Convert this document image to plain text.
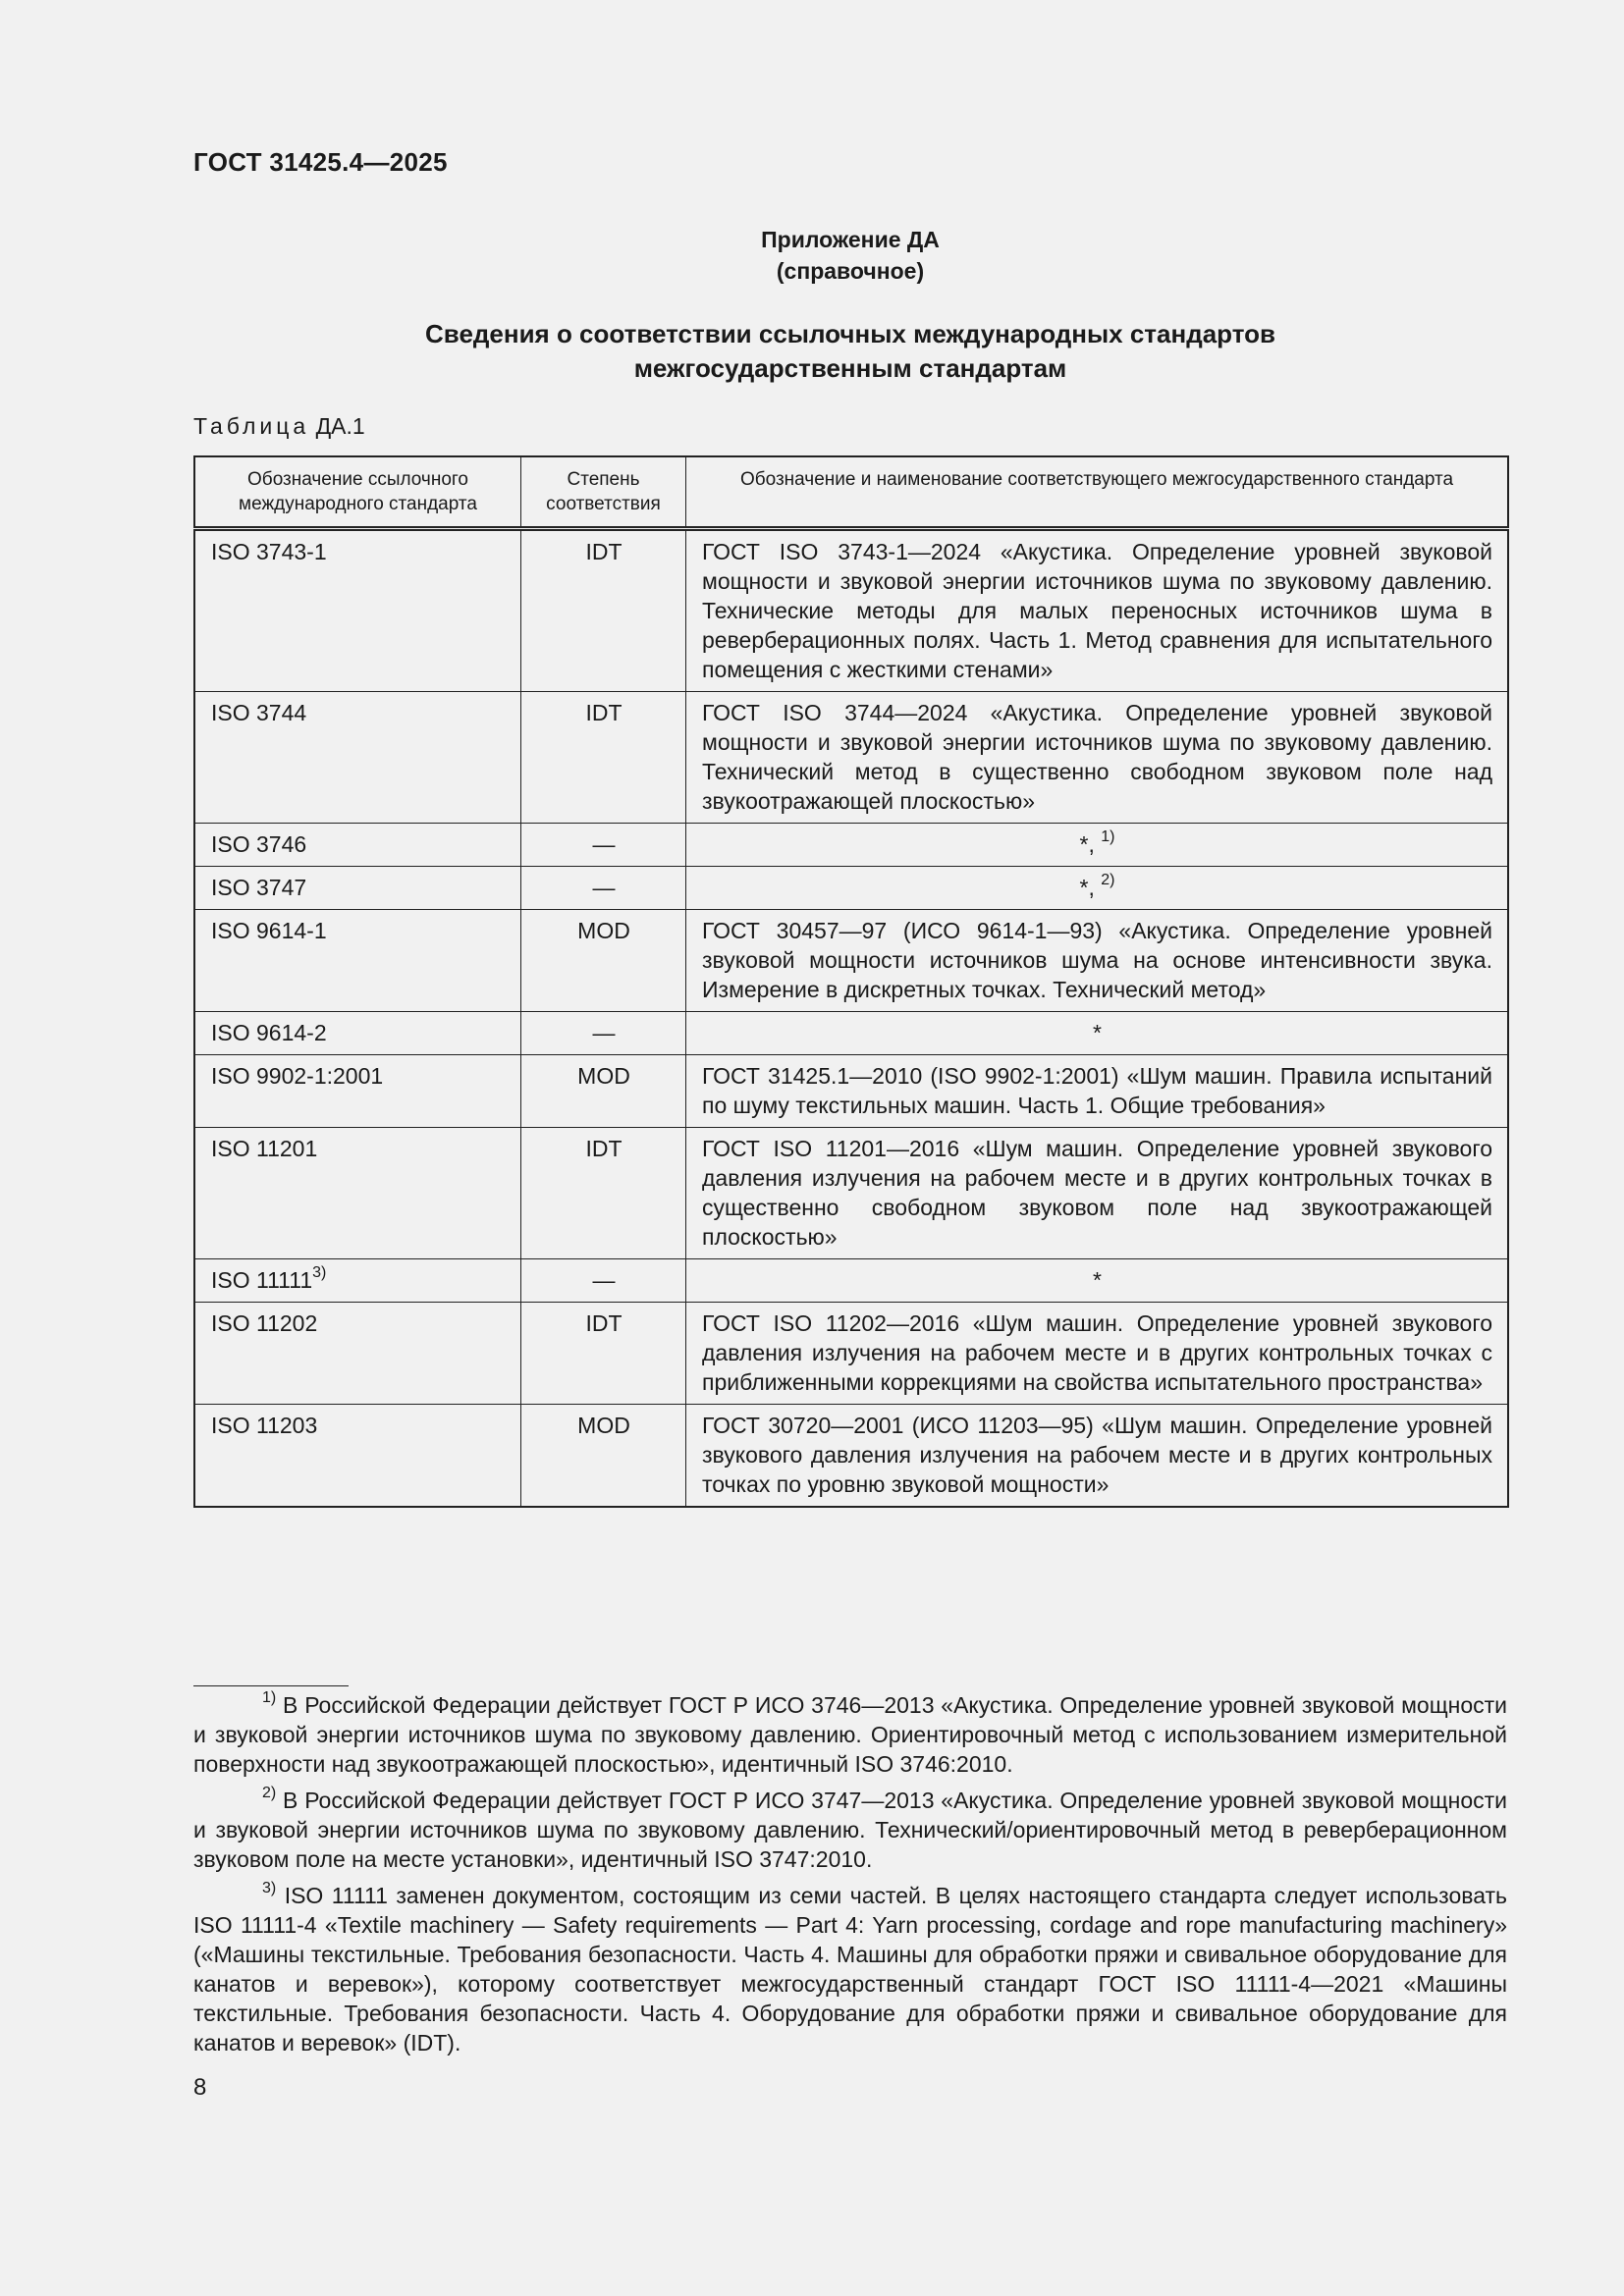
ГОСТ 31425.4—2025
Приложение ДА
(справочное)
Сведения о соответствии ссылочных международных стандартов
межгосударственным стандартам
Таблица ДА.1
Обозначение ссылочного международного стандарта	Степень соответствия	Обозначение и наименование соответствующего межгосударственного стандарта
ISO 3743-1	IDT	ГОСТ ISO 3743-1—2024 «Акустика. Определение уровней звуковой мощности и звуковой энергии источников шума по звуковому давлению. Технические методы для малых переносных источников шума в реверберационных полях. Часть 1. Метод сравнения для испытательного помещения с жесткими стенами»
ISO 3744	IDT	ГОСТ ISO 3744—2024 «Акустика. Определение уровней звуковой мощности и звуковой энергии источников шума по звуковому давлению. Технический метод в существенно свободном звуковом поле над звукоотражающей плоскостью»
ISO 3746	—	*, $^{1)}$
ISO 3747	—	*, $^{2)}$
ISO 9614-1	MOD	ГОСТ 30457—97 (ИСО 9614-1—93) «Акустика. Определение уровней звуковой мощности источников шума на основе интенсивности звука. Измерение в дискретных точках. Технический метод»
ISO 9614-2	—	*
ISO 9902-1:2001	MOD	ГОСТ 31425.1—2010 (ISO 9902-1:2001) «Шум машин. Правила испытаний по шуму текстильных машин. Часть 1. Общие требования»
ISO 11201	IDT	ГОСТ ISO 11201—2016 «Шум машин. Определение уровней звукового давления излучения на рабочем месте и в других контрольных точках в существенно свободном звуковом поле над звукоотражающей плоскостью»
ISO 11111$^{3)}$	—	*
ISO 11202	IDT	ГОСТ ISO 11202—2016 «Шум машин. Определение уровней звукового давления излучения на рабочем месте и в других контрольных точках с приближенными коррекциями на свойства испытательного пространства»
ISO 11203	MOD	ГОСТ 30720—2001 (ИСО 11203—95) «Шум машин. Определение уровней звукового давления излучения на рабочем месте и в других контрольных точках по уровню звуковой мощности»

$^{1)}$ В Российской Федерации действует ГОСТ Р ИСО 3746—2013 «Акустика. Определение уровней звуковой мощности и звуковой энергии источников шума по звуковому давлению. Ориентировочный метод с использованием измерительной поверхности над звукоотражающей плоскостью», идентичный ISO 3746:2010.

$^{2)}$ В Российской Федерации действует ГОСТ Р ИСО 3747—2013 «Акустика. Определение уровней звуковой мощности и звуковой энергии источников шума по звуковому давлению. Технический/ориентировочный метод в реверберационном звуковом поле на месте установки», идентичный ISO 3747:2010.

$^{3)}$ ISO 11111 заменен документом, состоящим из семи частей. В целях настоящего стандарта следует использовать ISO 11111-4 «Textile machinery — Safety requirements — Part 4: Yarn processing, cordage and rope manufacturing machinery» («Машины текстильные. Требования безопасности. Часть 4. Машины для обработки пряжи и свивальное оборудование для канатов и веревок»), которому соответствует межгосударственный стандарт ГОСТ ISO 11111-4—2021 «Машины текстильные. Требования безопасности. Часть 4. Оборудование для обработки пряжи и свивальное оборудование для канатов и веревок» (IDT).

8
